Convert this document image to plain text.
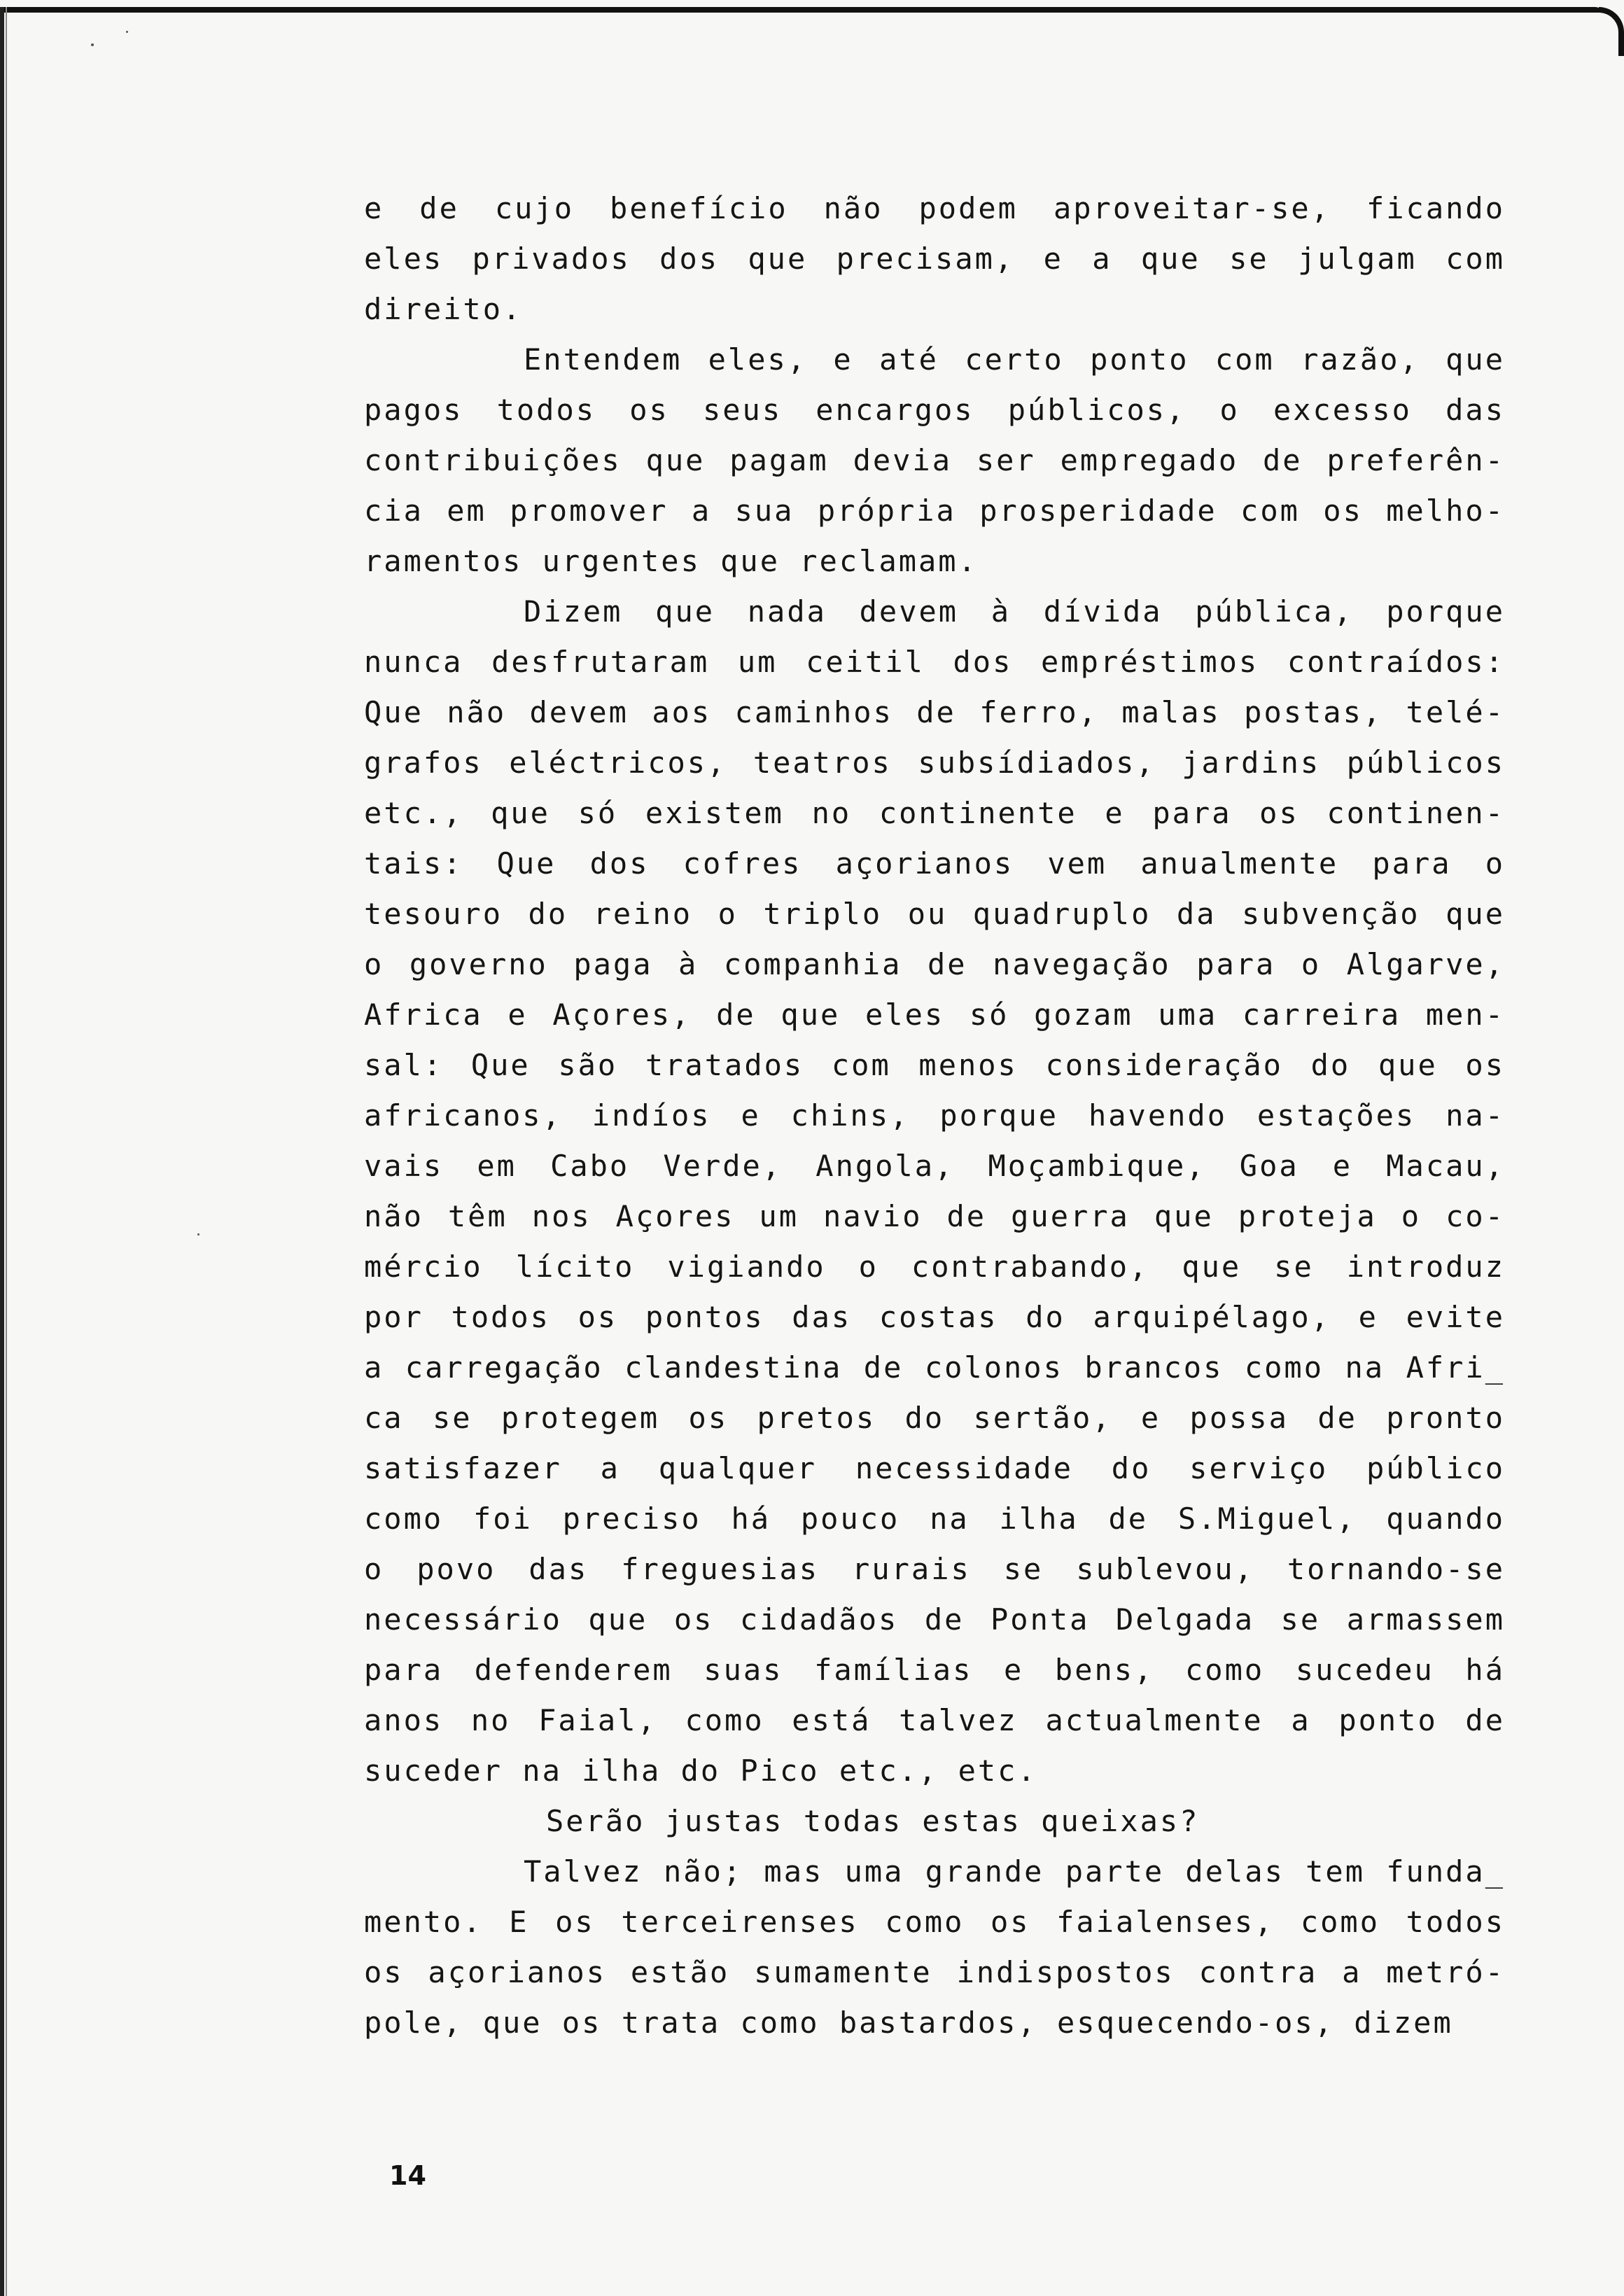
e de cujo benefício não podem aproveitar-se, ficando
eles privados dos que precisam, e a que se julgam com
direito.

Entendem eles, e até certo ponto com razão, que
pagos todos os seus encargos públicos, o excesso das
contribuições que pagam devia ser empregado de preferên-
cia em promover a sua própria prosperidade com os melho-
ramentos urgentes que reclamam.

Dizem que nada devem à dívida pública, porque
nunca desfrutaram um ceitil dos empréstimos contraídos:
Que não devem aos caminhos de ferro, malas postas, telé-
grafos eléctricos, teatros subsídiados, jardins públicos
etc., que só existem no continente e para os continen-
tais: Que dos cofres açorianos vem anualmente para o
tesouro do reino o triplo ou quadruplo da subvenção que
o governo paga à companhia de navegação para o Algarve,
Africa e Açores, de que eles só gozam uma carreira men-
sal: Que são tratados com menos consideração do que os
africanos, indíos e chins, porque havendo estações na-
vais em Cabo Verde, Angola, Moçambique, Goa e Macau,
não têm nos Açores um navio de guerra que proteja o co-
mércio lícito vigiando o contrabando, que se introduz
por todos os pontos das costas do arquipélago, e evite
a carregação clandestina de colonos brancos como na Afri_
ca se protegem os pretos do sertão, e possa de pronto
satisfazer a qualquer necessidade do serviço público
como foi preciso há pouco na ilha de S.Miguel, quando
o povo das freguesias rurais se sublevou, tornando-se
necessário que os cidadãos de Ponta Delgada se armassem
para defenderem suas famílias e bens, como sucedeu há
anos no Faial, como está talvez actualmente a ponto de
suceder na ilha do Pico etc., etc.

Serão justas todas estas queixas?

Talvez não; mas uma grande parte delas tem funda_
mento. E os terceirenses como os faialenses, como todos
os açorianos estão sumamente indispostos contra a metró-
pole, que os trata como bastardos, esquecendo-os, dizem

14
